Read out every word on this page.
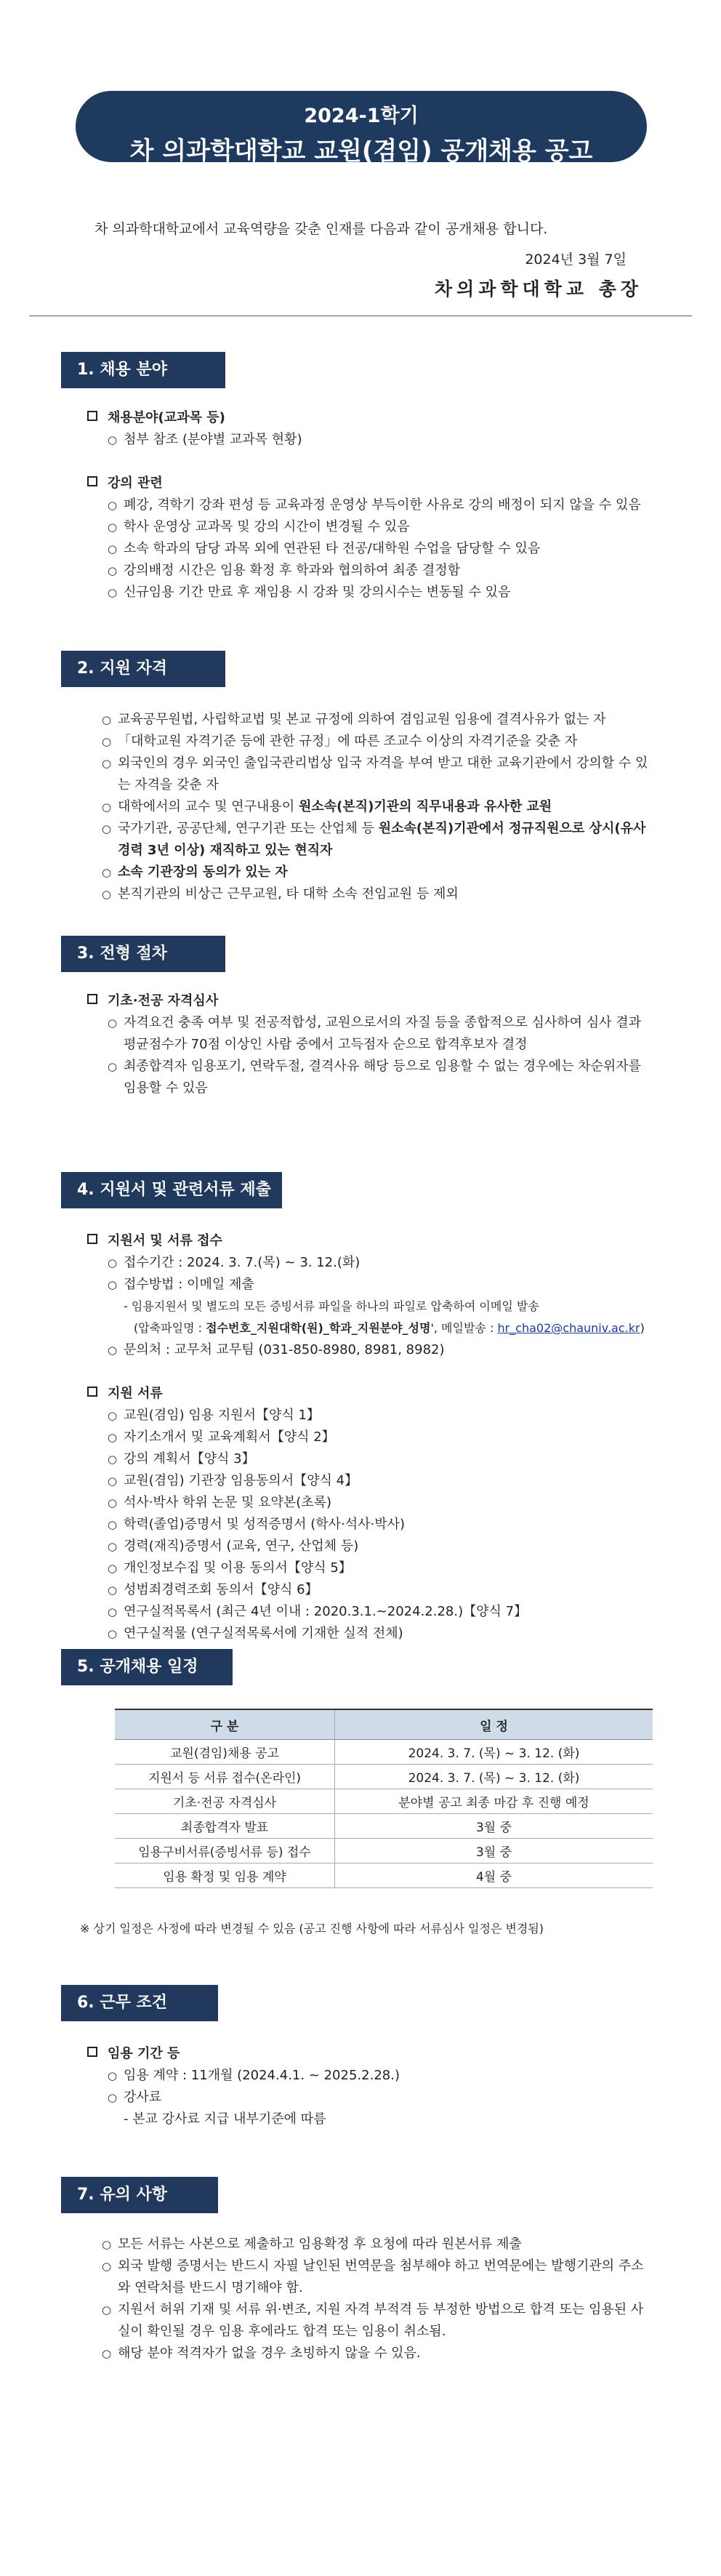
2024-1학기
차 의과학대학교 교원(겸임) 공개채용 공고
차 의과학대학교에서 교육역량을 갖춘 인재를 다음과 같이 공개채용 합니다.
2024년 3월 7일
차의과학대학교 총장
1. 채용 분야
채용분야(교과목 등)
○ 첨부 참조 (분야별 교과목 현황)
강의 관련
○ 폐강, 격학기 강좌 편성 등 교육과정 운영상 부득이한 사유로 강의 배정이 되지 않을 수 있음
○ 학사 운영상 교과목 및 강의 시간이 변경될 수 있음
○ 소속 학과의 담당 과목 외에 연관된 타 전공/대학원 수업을 담당할 수 있음
○ 강의배정 시간은 임용 확정 후 학과와 협의하여 최종 결정함
○ 신규임용 기간 만료 후 재임용 시 강좌 및 강의시수는 변동될 수 있음
2. 지원 자격
○ 교육공무원법, 사립학교법 및 본교 규정에 의하여 겸임교원 임용에 결격사유가 없는 자
○ 「대학교원 자격기준 등에 관한 규정」에 따른 조교수 이상의 자격기준을 갖춘 자
○ 외국인의 경우 외국인 출입국관리법상 입국 자격을 부여 받고 대한 교육기관에서 강의할 수 있는 자격을 갖춘 자
○ 대학에서의 교수 및 연구내용이 원소속(본직)기관의 직무내용과 유사한 교원
○ 국가기관, 공공단체, 연구기관 또는 산업체 등 원소속(본직)기관에서 정규직원으로 상시(유사경력 3년 이상) 재직하고 있는 현직자
○ 소속 기관장의 동의가 있는 자
○ 본직기관의 비상근 근무교원, 타 대학 소속 전임교원 등 제외
3. 전형 절차
기초·전공 자격심사
○ 자격요건 충족 여부 및 전공적합성, 교원으로서의 자질 등을 종합적으로 심사하여 심사 결과 평균점수가 70점 이상인 사람 중에서 고득점자 순으로 합격후보자 결정
○ 최종합격자 임용포기, 연락두절, 결격사유 해당 등으로 임용할 수 없는 경우에는 차순위자를 임용할 수 있음
4. 지원서 및 관련서류 제출
지원서 및 서류 접수
○ 접수기간 : 2024. 3. 7.(목) ~ 3. 12.(화)
○ 접수방법 : 이메일 제출
- 임용지원서 및 별도의 모든 증빙서류 파일을 하나의 파일로 압축하여 이메일 발송
(압축파일명 : 접수번호_지원대학(원)_학과_지원분야_성명', 메일발송 : hr_cha02@chauniv.ac.kr)
○ 문의처 : 교무처 교무팀 (031-850-8980, 8981, 8982)
지원 서류
○ 교원(겸임) 임용 지원서【양식 1】
○ 자기소개서 및 교육계획서【양식 2】
○ 강의 계획서【양식 3】
○ 교원(겸임) 기관장 임용동의서【양식 4】
○ 석사·박사 학위 논문 및 요약본(초록)
○ 학력(졸업)증명서 및 성적증명서 (학사·석사·박사)
○ 경력(재직)증명서 (교육, 연구, 산업체 등)
○ 개인정보수집 및 이용 동의서【양식 5】
○ 성범죄경력조회 동의서【양식 6】
○ 연구실적목록서 (최근 4년 이내 : 2020.3.1.~2024.2.28.)【양식 7】
○ 연구실적물 (연구실적목록서에 기재한 실적 전체)
5. 공개채용 일정
구 분	일 정
교원(겸임)채용 공고	2024. 3. 7. (목) ~ 3. 12. (화)
지원서 등 서류 접수(온라인)	2024. 3. 7. (목) ~ 3. 12. (화)
기초·전공 자격심사	분야별 공고 최종 마감 후 진행 예정
최종합격자 발표	3월 중
임용구비서류(증빙서류 등) 접수	3월 중
임용 확정 및 임용 계약	4월 중
※ 상기 일정은 사정에 따라 변경될 수 있음 (공고 진행 사항에 따라 서류심사 일정은 변경됨)
6. 근무 조건
임용 기간 등
○ 임용 계약 : 11개월 (2024.4.1. ~ 2025.2.28.)
○ 강사료
- 본교 강사료 지급 내부기준에 따름
7. 유의 사항
○ 모든 서류는 사본으로 제출하고 임용확정 후 요청에 따라 원본서류 제출
○ 외국 발행 증명서는 반드시 자필 날인된 번역문을 첨부해야 하고 번역문에는 발행기관의 주소와 연락처를 반드시 명기해야 함.
○ 지원서 허위 기재 및 서류 위·변조, 지원 자격 부적격 등 부정한 방법으로 합격 또는 임용된 사실이 확인될 경우 임용 후에라도 합격 또는 임용이 취소됨.
○ 해당 분야 적격자가 없을 경우 초빙하지 않을 수 있음.
